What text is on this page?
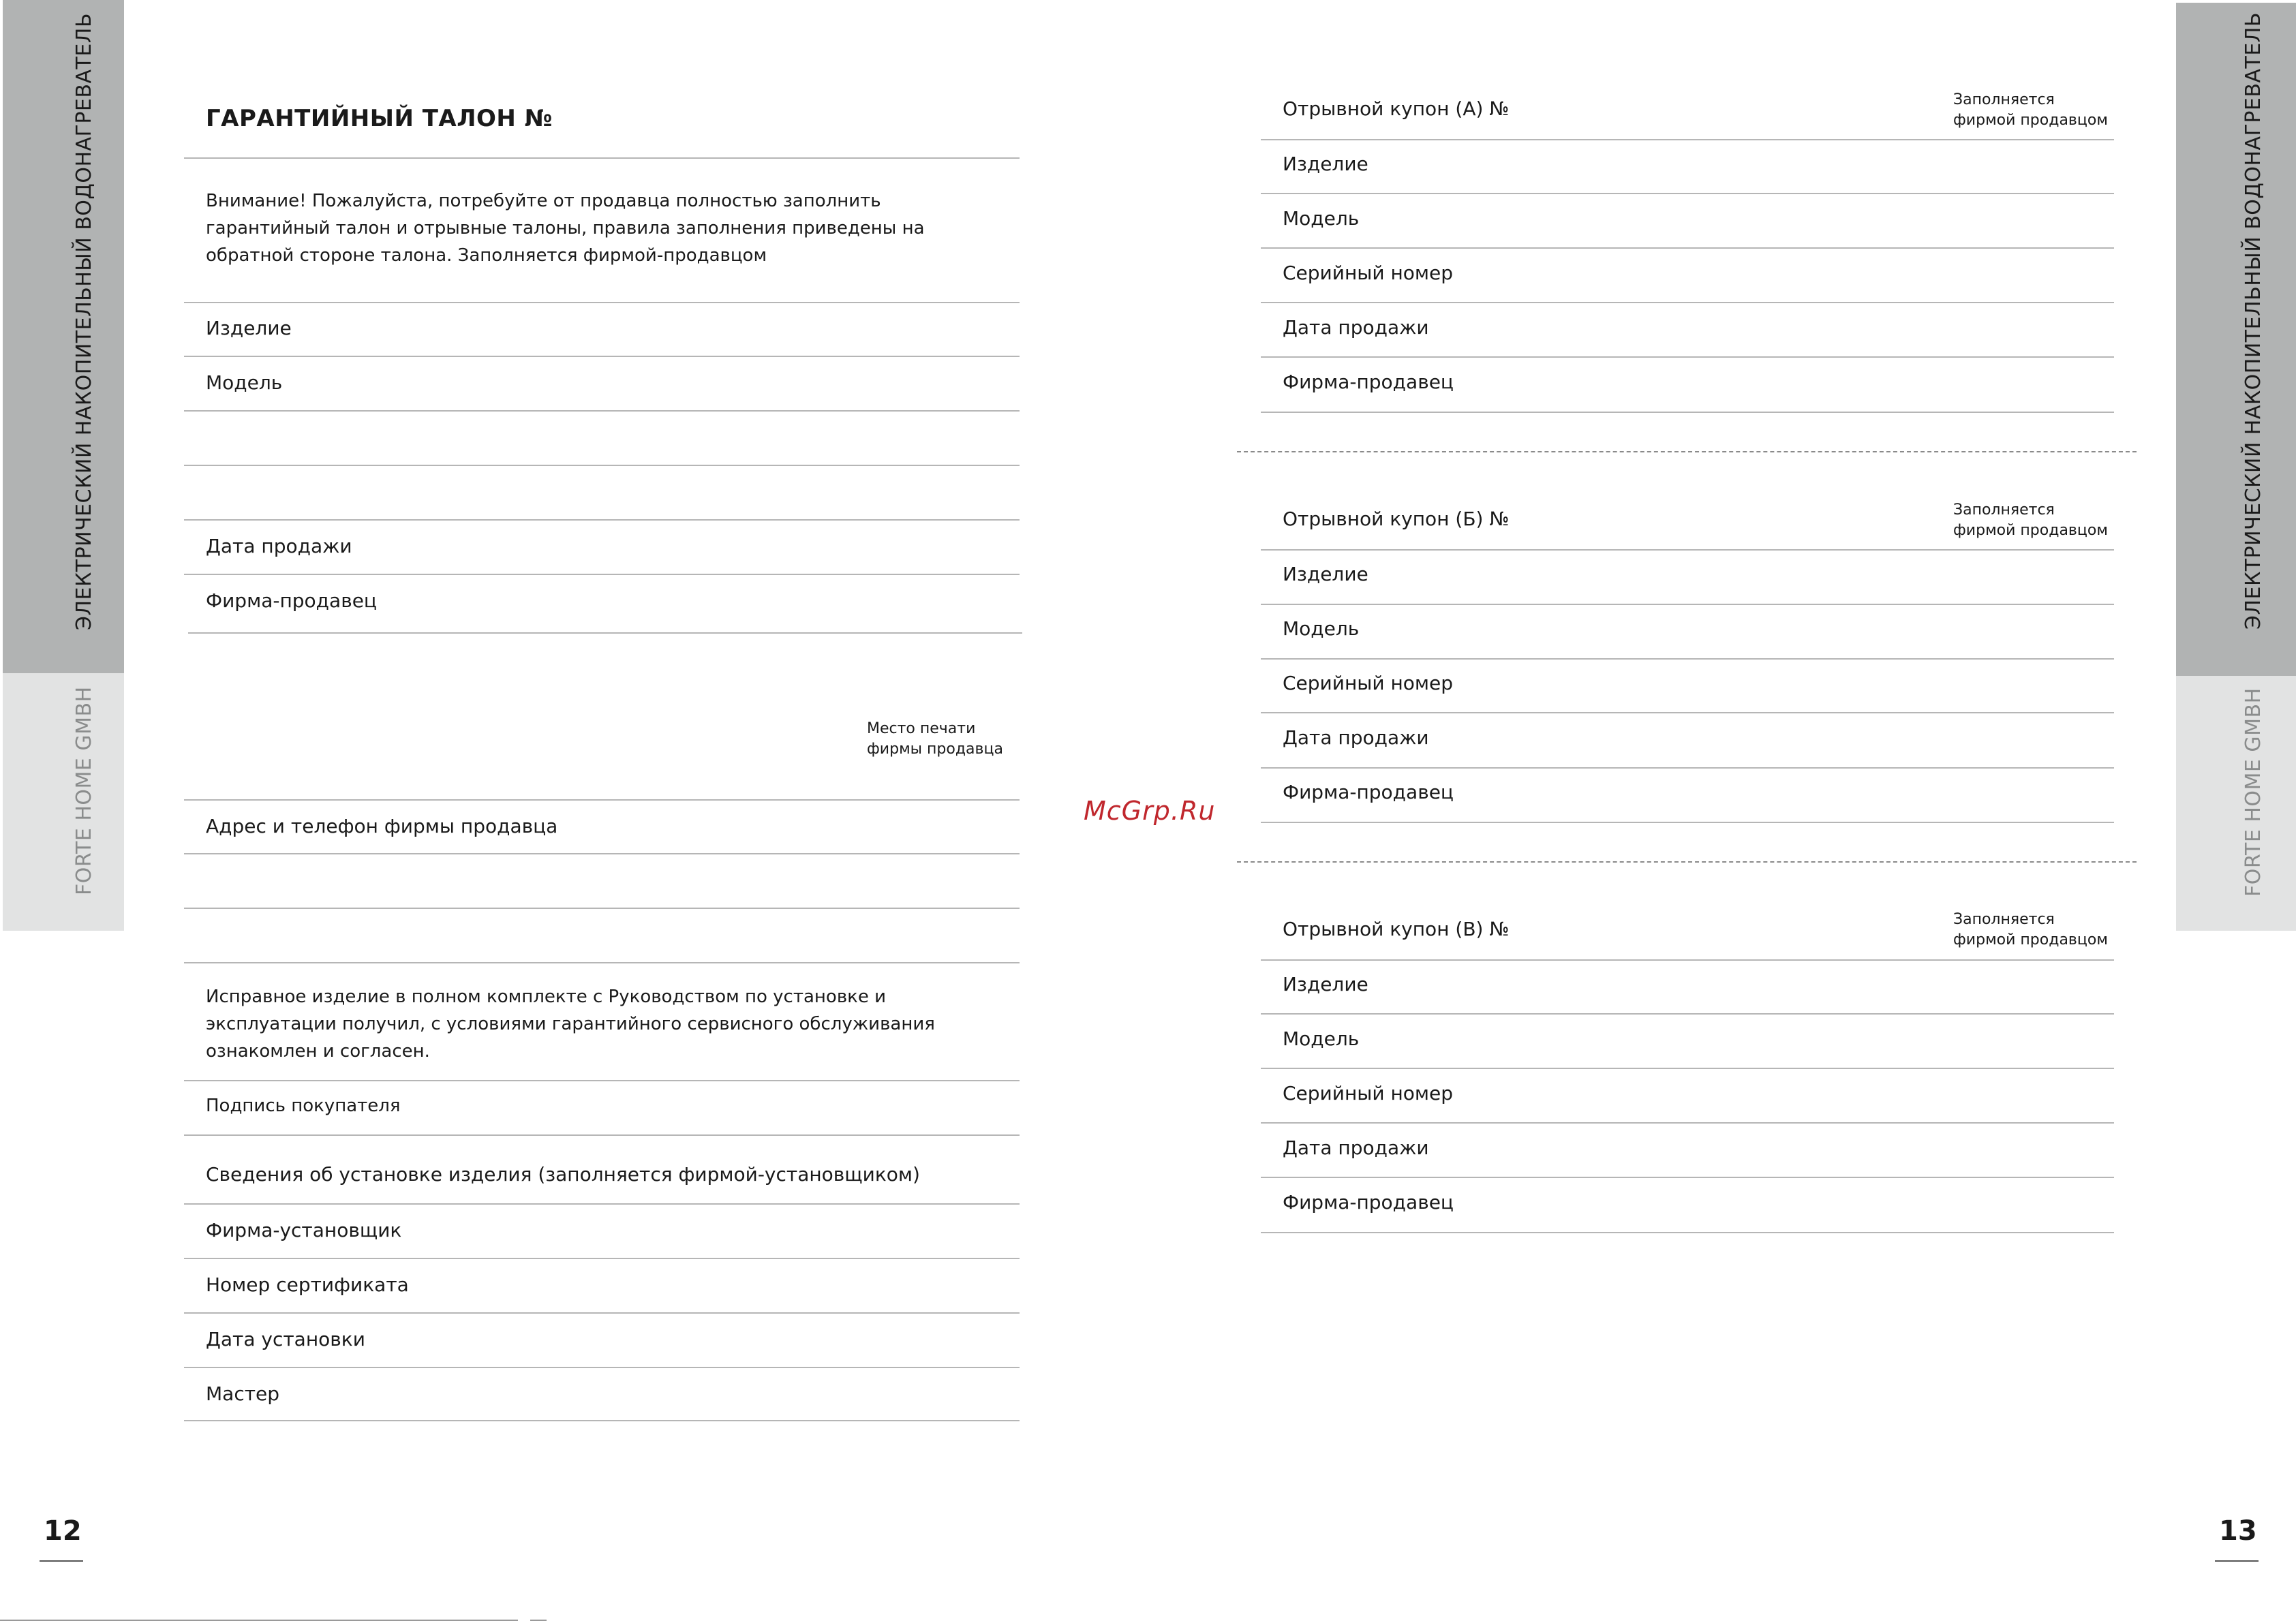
ЭЛЕКТРИЧЕСКИЙ НАКОПИТЕЛЬНЫЙ ВОДОНАГРЕВАТЕЛЬ
FORTE HOME GMBH
ЭЛЕКТРИЧЕСКИЙ НАКОПИТЕЛЬНЫЙ ВОДОНАГРЕВАТЕЛЬ
FORTE HOME GMBH
12	13
ГАРАНТИЙНЫЙ ТАЛОН №
Внимание! Пожалуйста, потребуйте от продавца полностью заполнить гарантийный талон и отрывные талоны, правила заполнения приведены на обратной стороне талона. Заполняется фирмой-продавцом
Изделие
Модель
Дата продажи
Фирма-продавец
Место печати фирмы продавца
Адрес и телефон фирмы продавца
Исправное изделие в полном комплекте с Руководством по установке и эксплуатации получил, с условиями гарантийного сервисного обслуживания ознакомлен и согласен.
Подпись покупателя
Сведения об установке изделия (заполняется фирмой-установщиком)
Фирма-установщик
Номер сертификата
Дата установки
Мастер
McGrp.Ru
Отрывной купон (А) №	Заполняется фирмой продавцом
Изделие
Модель
Серийный номер
Дата продажи
Фирма-продавец
Отрывной купон (Б) №	Заполняется фирмой продавцом
Изделие
Модель
Серийный номер
Дата продажи
Фирма-продавец
Отрывной купон (В) №	Заполняется фирмой продавцом
Изделие
Модель
Серийный номер
Дата продажи
Фирма-продавец
